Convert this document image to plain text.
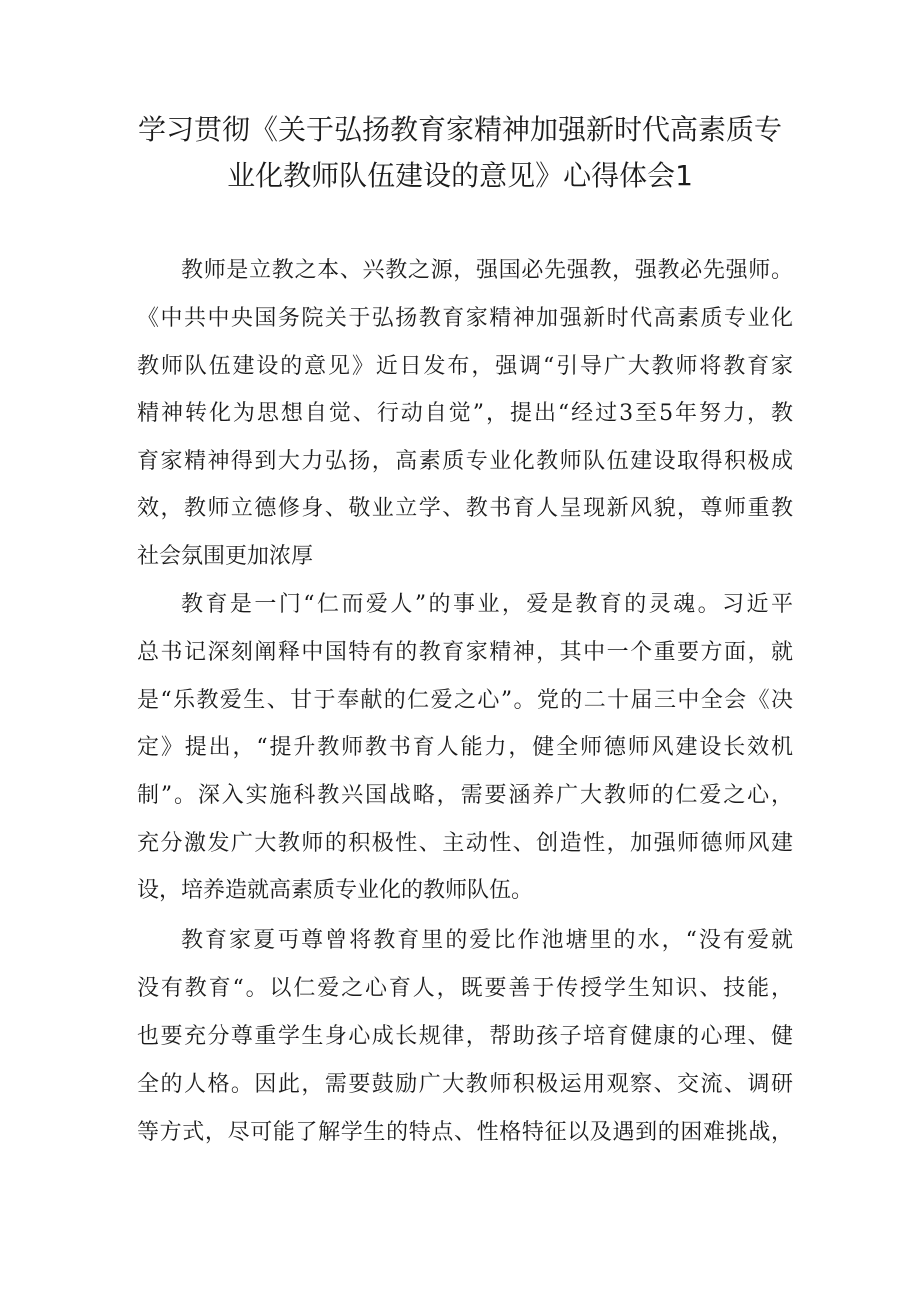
学习贯彻《关于弘扬教育家精神加强新时代高素质专
业化教师队伍建设的意见》心得体会1
教师是立教之本、兴教之源，强国必先强教，强教必先强师。
《中共中央国务院关于弘扬教育家精神加强新时代高素质专业化
教师队伍建设的意见》近日发布，强调“引导广大教师将教育家
精神转化为思想自觉、行动自觉”，提出“经过3至5年努力，教
育家精神得到大力弘扬，高素质专业化教师队伍建设取得积极成
效，教师立德修身、敬业立学、教书育人呈现新风貌，尊师重教
社会氛围更加浓厚
教育是一门“仁而爱人”的事业，爱是教育的灵魂。习近平
总书记深刻阐释中国特有的教育家精神，其中一个重要方面，就
是“乐教爱生、甘于奉献的仁爱之心”。党的二十届三中全会《决
定》提出，“提升教师教书育人能力，健全师德师风建设长效机
制”。深入实施科教兴国战略，需要涵养广大教师的仁爱之心，
充分激发广大教师的积极性、主动性、创造性，加强师德师风建
设，培养造就高素质专业化的教师队伍。
教育家夏丏尊曾将教育里的爱比作池塘里的水，“没有爱就
没有教育“。以仁爱之心育人，既要善于传授学生知识、技能，
也要充分尊重学生身心成长规律，帮助孩子培育健康的心理、健
全的人格。因此，需要鼓励广大教师积极运用观察、交流、调研
等方式，尽可能了解学生的特点、性格特征以及遇到的困难挑战，
